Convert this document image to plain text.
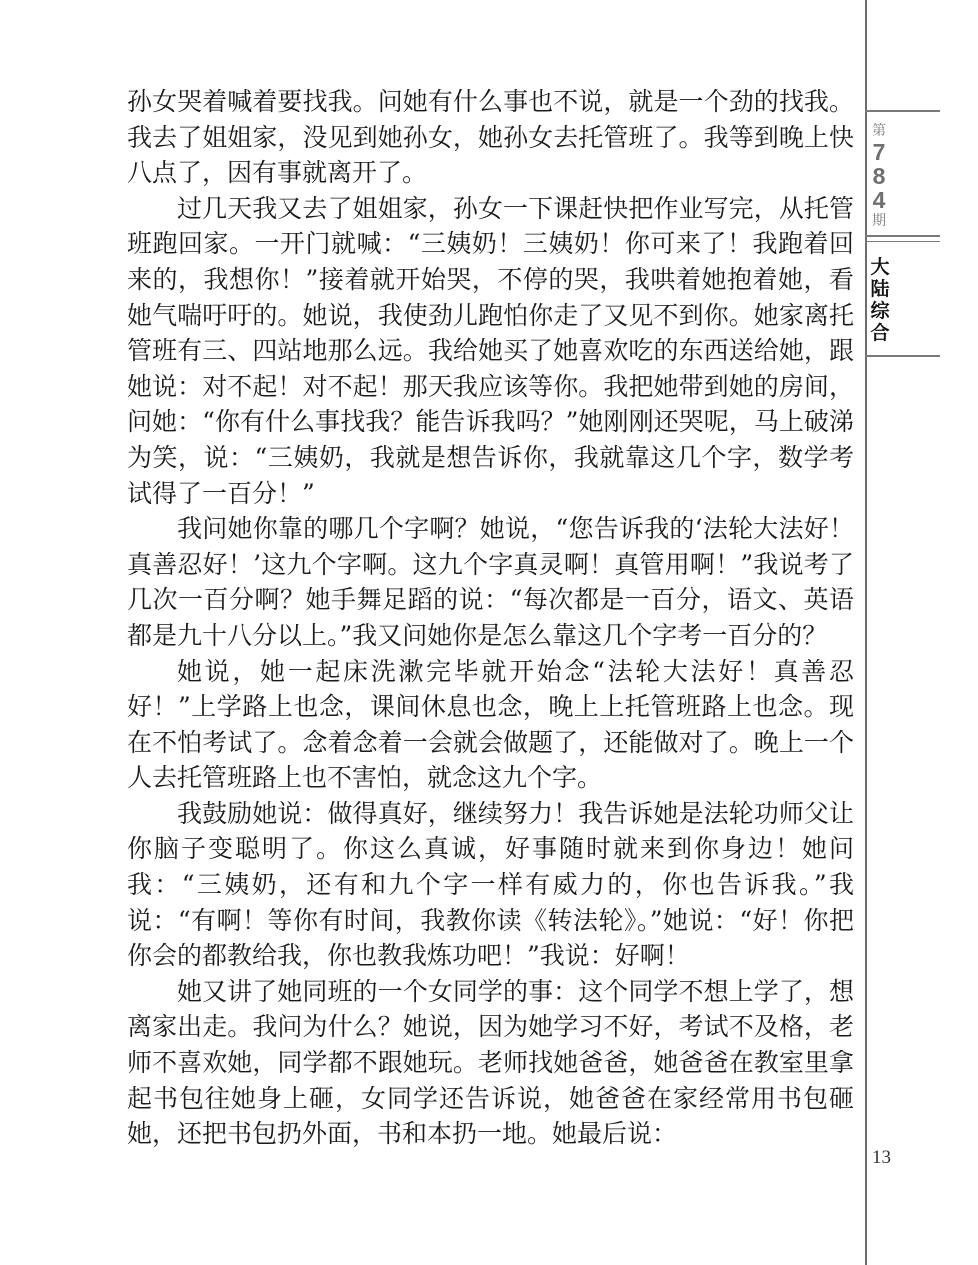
第
7
8
4
期
大陆综合

孙女哭着喊着要找我。问她有什么事也不说，就是一个劲的找我。我去了姐姐家，没见到她孙女，她孙女去托管班了。我等到晚上快八点了，因有事就离开了。

过几天我又去了姐姐家，孙女一下课赶快把作业写完，从托管班跑回家。一开门就喊：“三姨奶！三姨奶！你可来了！我跑着回来的，我想你！”接着就开始哭，不停的哭，我哄着她抱着她，看她气喘吁吁的。她说，我使劲儿跑怕你走了又见不到你。她家离托管班有三、四站地那么远。我给她买了她喜欢吃的东西送给她，跟她说：对不起！对不起！那天我应该等你。我把她带到她的房间，问她：“你有什么事找我？能告诉我吗？”她刚刚还哭呢，马上破涕为笑，说：“三姨奶，我就是想告诉你，我就靠这几个字，数学考试得了一百分！”

我问她你靠的哪几个字啊？她说，“您告诉我的‘法轮大法好！真善忍好！’这九个字啊。这九个字真灵啊！真管用啊！”我说考了几次一百分啊？她手舞足蹈的说：“每次都是一百分，语文、英语都是九十八分以上。”我又问她你是怎么靠这几个字考一百分的？

她说，她一起床洗漱完毕就开始念“法轮大法好！真善忍好！”上学路上也念，课间休息也念，晚上上托管班路上也念。现在不怕考试了。念着念着一会就会做题了，还能做对了。晚上一个人去托管班路上也不害怕，就念这九个字。

我鼓励她说：做得真好，继续努力！我告诉她是法轮功师父让你脑子变聪明了。你这么真诚，好事随时就来到你身边！她问我：“三姨奶，还有和九个字一样有威力的，你也告诉我。”我说：“有啊！等你有时间，我教你读《转法轮》。”她说：“好！你把你会的都教给我，你也教我炼功吧！”我说：好啊！

她又讲了她同班的一个女同学的事：这个同学不想上学了，想离家出走。我问为什么？她说，因为她学习不好，考试不及格，老师不喜欢她，同学都不跟她玩。老师找她爸爸，她爸爸在教室里拿起书包往她身上砸，女同学还告诉说，她爸爸在家经常用书包砸她，还把书包扔外面，书和本扔一地。她最后说：

13
